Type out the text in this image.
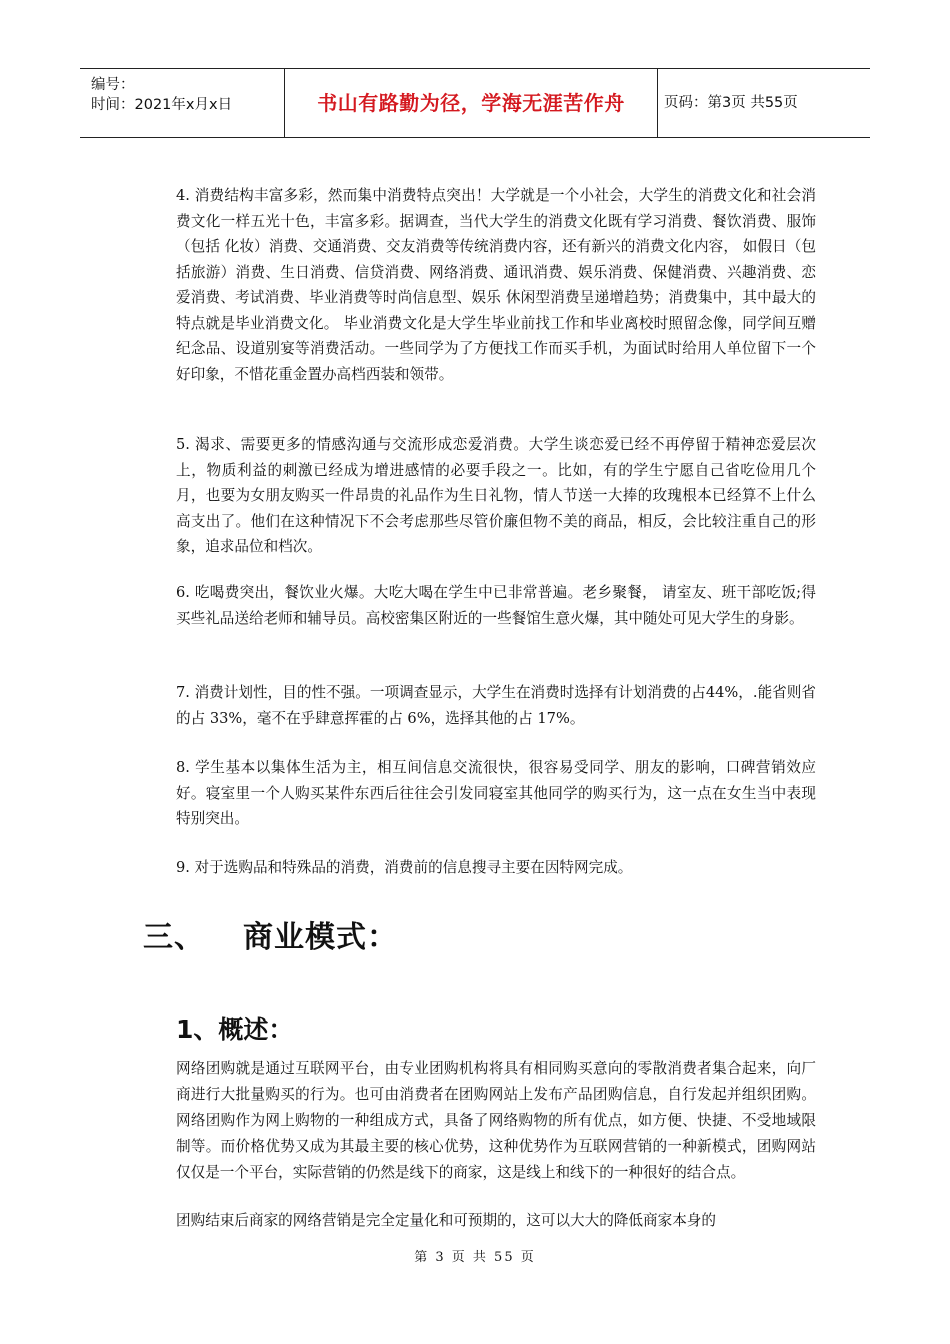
编号：
时间：2021年x月x日	书山有路勤为径，学海无涯苦作舟	页码：第3页 共55页

4. 消费结构丰富多彩，然而集中消费特点突出！大学就是一个小社会，大学生的消费文化和社会消费文化一样五光十色，丰富多彩。据调查，当代大学生的消费文化既有学习消费、餐饮消费、服饰（包括 化妆）消费、交通消费、交友消费等传统消费内容，还有新兴的消费文化内容， 如假日（包括旅游）消费、生日消费、信贷消费、网络消费、通讯消费、娱乐消费、保健消费、兴趣消费、恋爱消费、考试消费、毕业消费等时尚信息型、娱乐 休闲型消费呈递增趋势；消费集中，其中最大的特点就是毕业消费文化。 毕业消费文化是大学生毕业前找工作和毕业离校时照留念像，同学间互赠纪念品、设道别宴等消费活动。一些同学为了方便找工作而买手机，为面试时给用人单位留下一个好印象，不惜花重金置办高档西装和领带。

5. 渴求、需要更多的情感沟通与交流形成恋爱消费。大学生谈恋爱已经不再停留于精神恋爱层次上，物质利益的刺激已经成为增进感情的必要手段之一。比如，有的学生宁愿自己省吃俭用几个月，也要为女朋友购买一件昂贵的礼品作为生日礼物，情人节送一大捧的玫瑰根本已经算不上什么高支出了。他们在这种情况下不会考虑那些尽管价廉但物不美的商品，相反，会比较注重自己的形象，追求品位和档次。

6. 吃喝费突出，餐饮业火爆。大吃大喝在学生中已非常普遍。老乡聚餐， 请室友、班干部吃饭;得买些礼品送给老师和辅导员。高校密集区附近的一些餐馆生意火爆，其中随处可见大学生的身影。

7. 消费计划性，目的性不强。一项调查显示，大学生在消费时选择有计划消费的占44%，.能省则省的占 33%，毫不在乎肆意挥霍的占 6%，选择其他的占 17%。

8. 学生基本以集体生活为主，相互间信息交流很快，很容易受同学、朋友的影响，口碑营销效应好。寝室里一个人购买某件东西后往往会引发同寝室其他同学的购买行为，这一点在女生当中表现特别突出。

9. 对于选购品和特殊品的消费，消费前的信息搜寻主要在因特网完成。

三、 商业模式：
1、概述：

网络团购就是通过互联网平台，由专业团购机构将具有相同购买意向的零散消费者集合起来，向厂商进行大批量购买的行为。也可由消费者在团购网站上发布产品团购信息，自行发起并组织团购。网络团购作为网上购物的一种组成方式，具备了网络购物的所有优点，如方便、快捷、不受地域限制等。而价格优势又成为其最主要的核心优势，这种优势作为互联网营销的一种新模式，团购网站仅仅是一个平台，实际营销的仍然是线下的商家，这是线上和线下的一种很好的结合点。

团购结束后商家的网络营销是完全定量化和可预期的，这可以大大的降低商家本身的

第 3 页 共 55 页
